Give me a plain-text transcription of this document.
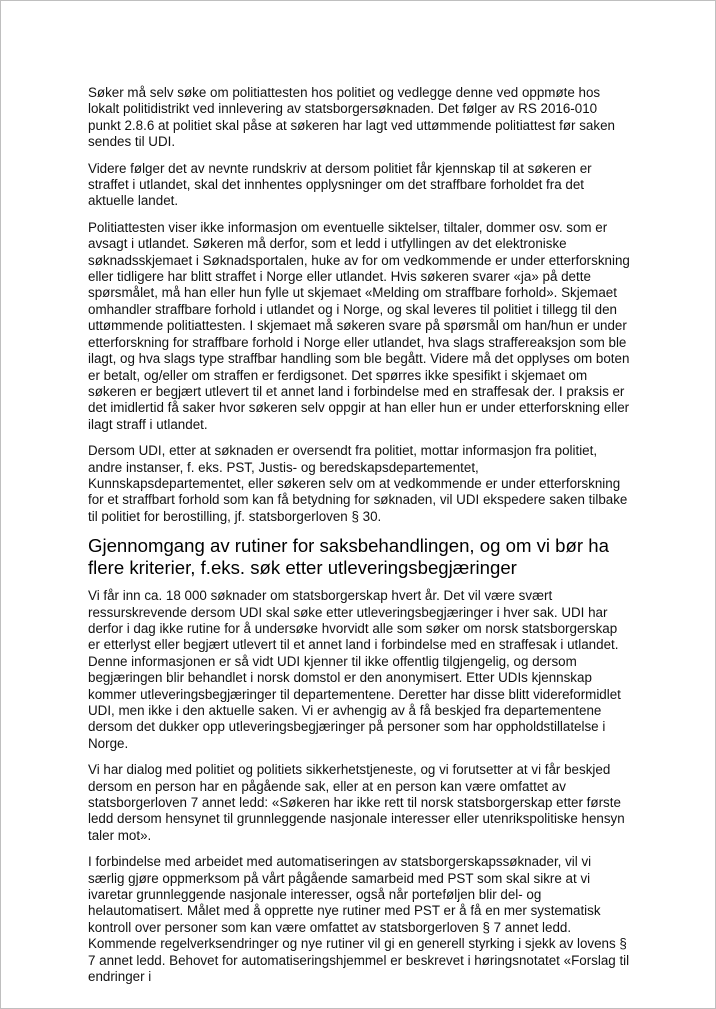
Søker må selv søke om politiattesten hos politiet og vedlegge denne ved oppmøte hos lokalt politidistrikt ved innlevering av statsborgersøknaden. Det følger av RS 2016-010 punkt 2.8.6 at politiet skal påse at søkeren har lagt ved uttømmende politiattest før saken sendes til UDI.

Videre følger det av nevnte rundskriv at dersom politiet får kjennskap til at søkeren er straffet i utlandet, skal det innhentes opplysninger om det straffbare forholdet fra det aktuelle landet.

Politiattesten viser ikke informasjon om eventuelle siktelser, tiltaler, dommer osv. som er avsagt i utlandet. Søkeren må derfor, som et ledd i utfyllingen av det elektroniske søknadsskjemaet i Søknadsportalen, huke av for om vedkommende er under etterforskning eller tidligere har blitt straffet i Norge eller utlandet. Hvis søkeren svarer «ja» på dette spørsmålet, må han eller hun fylle ut skjemaet «Melding om straffbare forhold». Skjemaet omhandler straffbare forhold i utlandet og i Norge, og skal leveres til politiet i tillegg til den uttømmende politiattesten. I skjemaet må søkeren svare på spørsmål om han/hun er under etterforskning for straffbare forhold i Norge eller utlandet, hva slags straffereaksjon som ble ilagt, og hva slags type straffbar handling som ble begått. Videre må det opplyses om boten er betalt, og/eller om straffen er ferdigsonet. Det spørres ikke spesifikt i skjemaet om søkeren er begjært utlevert til et annet land i forbindelse med en straffesak der. I praksis er det imidlertid få saker hvor søkeren selv oppgir at han eller hun er under etterforskning eller ilagt straff i utlandet.

Dersom UDI, etter at søknaden er oversendt fra politiet, mottar informasjon fra politiet, andre instanser, f. eks. PST, Justis- og beredskapsdepartementet, Kunnskapsdepartementet, eller søkeren selv om at vedkommende er under etterforskning for et straffbart forhold som kan få betydning for søknaden, vil UDI ekspedere saken tilbake til politiet for berostilling, jf. statsborgerloven § 30.

Gjennomgang av rutiner for saksbehandlingen, og om vi bør ha flere kriterier, f.eks. søk etter utleveringsbegjæringer

Vi får inn ca. 18 000 søknader om statsborgerskap hvert år. Det vil være svært ressurskrevende dersom UDI skal søke etter utleveringsbegjæringer i hver sak. UDI har derfor i dag ikke rutine for å undersøke hvorvidt alle som søker om norsk statsborgerskap er etterlyst eller begjært utlevert til et annet land i forbindelse med en straffesak i utlandet. Denne informasjonen er så vidt UDI kjenner til ikke offentlig tilgjengelig, og dersom begjæringen blir behandlet i norsk domstol er den anonymisert. Etter UDIs kjennskap kommer utleveringsbegjæringer til departementene. Deretter har disse blitt videreformidlet UDI, men ikke i den aktuelle saken. Vi er avhengig av å få beskjed fra departementene dersom det dukker opp utleveringsbegjæringer på personer som har oppholdstillatelse i Norge.

Vi har dialog med politiet og politiets sikkerhetstjeneste, og vi forutsetter at vi får beskjed dersom en person har en pågående sak, eller at en person kan være omfattet av statsborgerloven 7 annet ledd: «Søkeren har ikke rett til norsk statsborgerskap etter første ledd dersom hensynet til grunnleggende nasjonale interesser eller utenrikspolitiske hensyn taler mot».

I forbindelse med arbeidet med automatiseringen av statsborgerskapssøknader, vil vi særlig gjøre oppmerksom på vårt pågående samarbeid med PST som skal sikre at vi ivaretar grunnleggende nasjonale interesser, også når porteføljen blir del- og helautomatisert. Målet med å opprette nye rutiner med PST er å få en mer systematisk kontroll over personer som kan være omfattet av statsborgerloven § 7 annet ledd. Kommende regelverksendringer og nye rutiner vil gi en generell styrking i sjekk av lovens § 7 annet ledd. Behovet for automatiseringshjemmel er beskrevet i høringsnotatet «Forslag til endringer i
